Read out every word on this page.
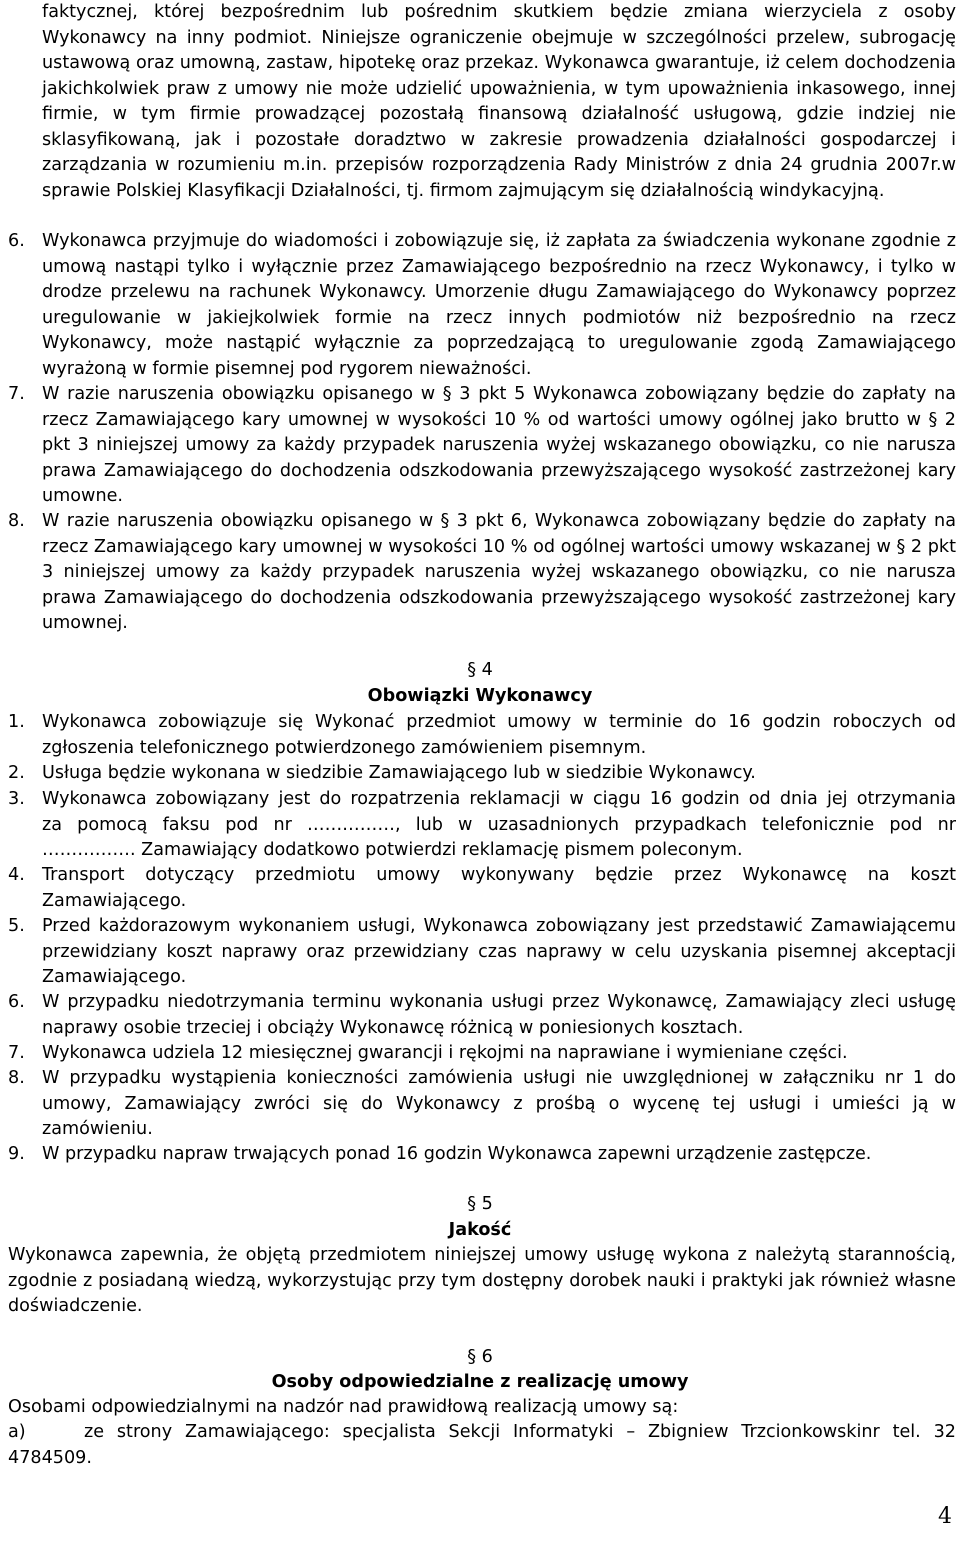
faktycznej, której bezpośrednim lub pośrednim skutkiem będzie zmiana wierzyciela z osoby
Wykonawcy na inny podmiot. Niniejsze ograniczenie obejmuje w szczególności przelew, subrogację ustawową oraz umowną, zastaw, hipotekę oraz przekaz. Wykonawca gwarantuje, iż celem dochodzenia jakichkolwiek praw z umowy nie może udzielić upoważnienia, w tym upoważnienia inkasowego, innej firmie, w tym firmie prowadzącej pozostałą finansową działalność usługową, gdzie indziej nie sklasyfikowaną, jak i pozostałe doradztwo w zakresie prowadzenia działalności gospodarczej i zarządzania w rozumieniu m.in. przepisów rozporządzenia Rady Ministrów z dnia 24 grudnia 2007r.w sprawie Polskiej Klasyfikacji Działalności, tj. firmom zajmującym się działalnością windykacyjną.
6. Wykonawca przyjmuje do wiadomości i zobowiązuje się, iż zapłata za świadczenia wykonane zgodnie z umową nastąpi tylko i wyłącznie przez Zamawiającego bezpośrednio na rzecz Wykonawcy, i tylko w drodze przelewu na rachunek Wykonawcy. Umorzenie długu Zamawiającego do Wykonawcy poprzez uregulowanie w jakiejkolwiek formie na rzecz innych podmiotów niż bezpośrednio na rzecz Wykonawcy, może nastąpić wyłącznie za poprzedzającą to uregulowanie zgodą Zamawiającego wyrażoną w formie pisemnej pod rygorem nieważności.
7. W razie naruszenia obowiązku opisanego w § 3 pkt 5 Wykonawca zobowiązany będzie do zapłaty na rzecz Zamawiającego kary umownej w wysokości 10 % od wartości umowy ogólnej jako brutto w § 2 pkt 3 niniejszej umowy za każdy przypadek naruszenia wyżej wskazanego obowiązku, co nie narusza prawa Zamawiającego do dochodzenia odszkodowania przewyższającego wysokość zastrzeżonej kary umowne.
8. W razie naruszenia obowiązku opisanego w § 3 pkt 6, Wykonawca zobowiązany będzie do zapłaty na rzecz Zamawiającego kary umownej w wysokości 10 % od ogólnej wartości umowy wskazanej w § 2 pkt 3 niniejszej umowy za każdy przypadek naruszenia wyżej wskazanego obowiązku, co nie narusza prawa Zamawiającego do dochodzenia odszkodowania przewyższającego wysokość zastrzeżonej kary umownej.
§ 4
Obowiązki Wykonawcy
1. Wykonawca zobowiązuje się Wykonać przedmiot umowy w terminie do 16 godzin roboczych od zgłoszenia telefonicznego potwierdzonego zamówieniem pisemnym.
2. Usługa będzie wykonana w siedzibie Zamawiającego lub w siedzibie Wykonawcy.
3. Wykonawca zobowiązany jest do rozpatrzenia reklamacji w ciągu 16 godzin od dnia jej otrzymania
za pomocą faksu pod nr ……………, lub w uzasadnionych przypadkach telefonicznie pod nr
……………. Zamawiający dodatkowo potwierdzi reklamację pismem poleconym.
4. Transport dotyczący przedmiotu umowy wykonywany będzie przez Wykonawcę na koszt Zamawiającego.
5. Przed każdorazowym wykonaniem usługi, Wykonawca zobowiązany jest przedstawić Zamawiającemu przewidziany koszt naprawy oraz przewidziany czas naprawy w celu uzyskania pisemnej akceptacji Zamawiającego.
6. W przypadku niedotrzymania terminu wykonania usługi przez Wykonawcę, Zamawiający zleci usługę naprawy osobie trzeciej i obciąży Wykonawcę różnicą w poniesionych kosztach.
7. Wykonawca udziela 12 miesięcznej gwarancji i rękojmi na naprawiane i wymieniane części.
8. W przypadku wystąpienia konieczności zamówienia usługi nie uwzględnionej w załączniku nr 1 do umowy, Zamawiający zwróci się do Wykonawcy z prośbą o wycenę tej usługi i umieści ją w zamówieniu.
9. W przypadku napraw trwających ponad 16 godzin Wykonawca zapewni urządzenie zastępcze.
§ 5
Jakość
Wykonawca zapewnia, że objętą przedmiotem niniejszej umowy usługę wykona z należytą starannością, zgodnie z posiadaną wiedzą, wykorzystując przy tym dostępny dorobek nauki i praktyki jak również własne doświadczenie.
§ 6
Osoby odpowiedzialne z realizację umowy
Osobami odpowiedzialnymi na nadzór nad prawidłową realizacją umowy są:
a)	ze strony Zamawiającego: specjalista Sekcji Informatyki – Zbigniew Trzcionkowskinr tel. 32
4784509.
4
